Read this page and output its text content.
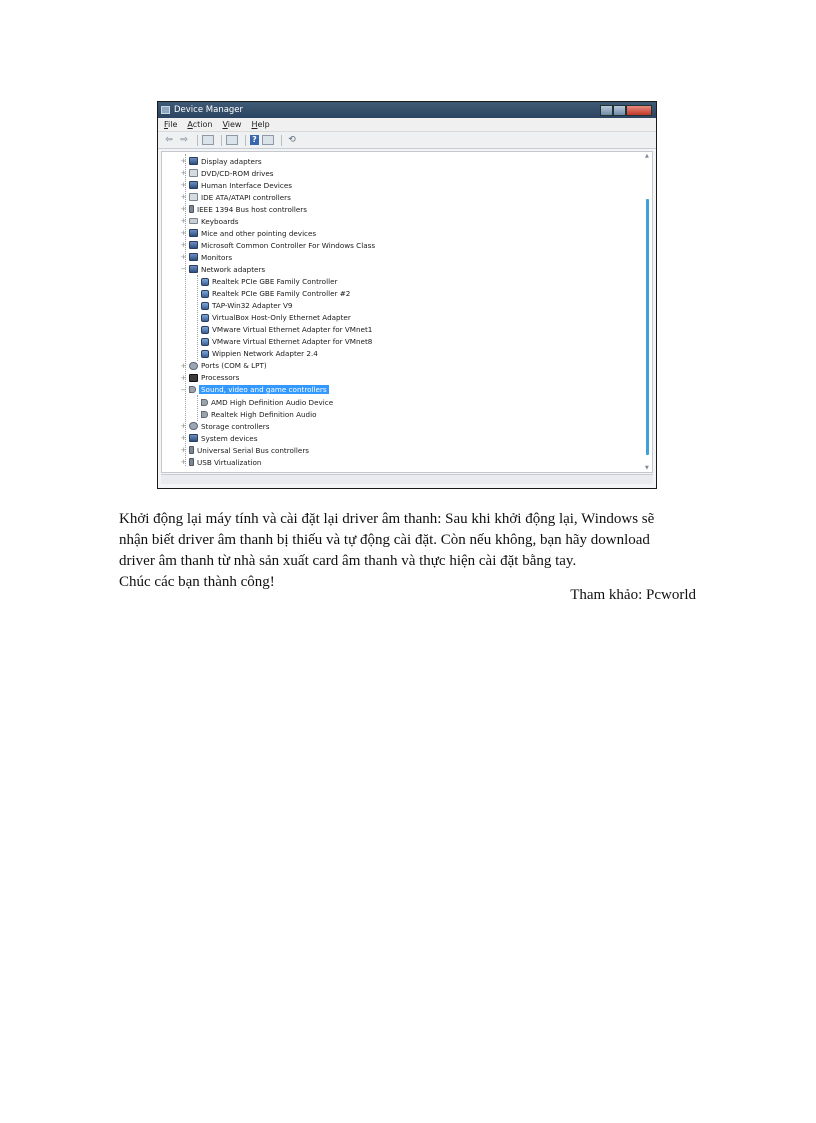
Device Manager
File Action View Help
⇦ ⇨	?	⟲
▲
▼
+ Display adapters
+ DVD/CD-ROM drives
+ Human Interface Devices
+ IDE ATA/ATAPI controllers
+ IEEE 1394 Bus host controllers
+ Keyboards
+ Mice and other pointing devices
+ Microsoft Common Controller For Windows Class
+ Monitors
− Network adapters
Realtek PCIe GBE Family Controller
Realtek PCIe GBE Family Controller #2
TAP-Win32 Adapter V9
VirtualBox Host-Only Ethernet Adapter
VMware Virtual Ethernet Adapter for VMnet1
VMware Virtual Ethernet Adapter for VMnet8
Wippien Network Adapter 2.4
+ Ports (COM & LPT)
+ Processors
− Sound, video and game controllers
AMD High Definition Audio Device
Realtek High Definition Audio
+ Storage controllers
+ System devices
+ Universal Serial Bus controllers
+ USB Virtualization
Khởi động lại máy tính và cài đặt lại driver âm thanh: Sau khi khởi động lại, Windows sẽ
nhận biết driver âm thanh bị thiếu và tự động cài đặt. Còn nếu không, bạn hãy download
driver âm thanh từ nhà sản xuất card âm thanh và thực hiện cài đặt bằng tay.
Chúc các bạn thành công!
Tham khảo: Pcworld
